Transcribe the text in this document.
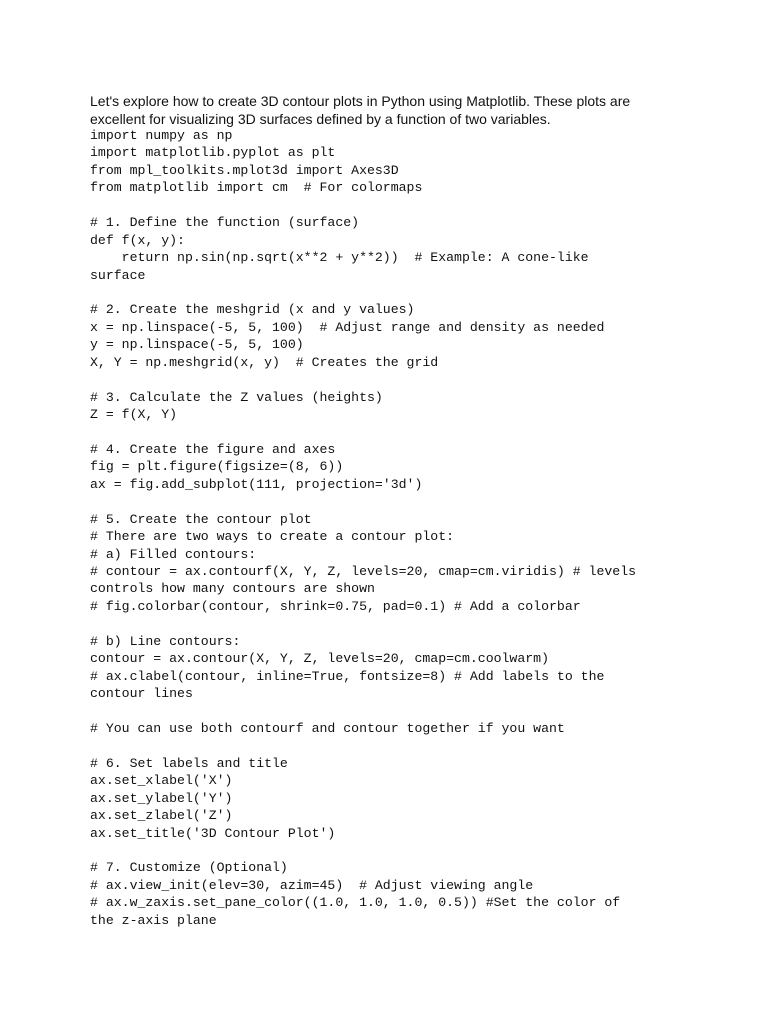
Let's explore how to create 3D contour plots in Python using Matplotlib. These plots are
excellent for visualizing 3D surfaces defined by a function of two variables.
import numpy as np
import matplotlib.pyplot as plt
from mpl_toolkits.mplot3d import Axes3D
from matplotlib import cm  # For colormaps
# 1. Define the function (surface)
def f(x, y):
return np.sin(np.sqrt(x**2 + y**2))  # Example: A cone-like
surface
# 2. Create the meshgrid (x and y values)
x = np.linspace(-5, 5, 100)  # Adjust range and density as needed
y = np.linspace(-5, 5, 100)
X, Y = np.meshgrid(x, y)  # Creates the grid
# 3. Calculate the Z values (heights)
Z = f(X, Y)
# 4. Create the figure and axes
fig = plt.figure(figsize=(8, 6))
ax = fig.add_subplot(111, projection='3d')
# 5. Create the contour plot
# There are two ways to create a contour plot:
# a) Filled contours:
# contour = ax.contourf(X, Y, Z, levels=20, cmap=cm.viridis) # levels
controls how many contours are shown
# fig.colorbar(contour, shrink=0.75, pad=0.1) # Add a colorbar
# b) Line contours:
contour = ax.contour(X, Y, Z, levels=20, cmap=cm.coolwarm)
# ax.clabel(contour, inline=True, fontsize=8) # Add labels to the
contour lines
# You can use both contourf and contour together if you want
# 6. Set labels and title
ax.set_xlabel('X')
ax.set_ylabel('Y')
ax.set_zlabel('Z')
ax.set_title('3D Contour Plot')
# 7. Customize (Optional)
# ax.view_init(elev=30, azim=45)  # Adjust viewing angle
# ax.w_zaxis.set_pane_color((1.0, 1.0, 1.0, 0.5)) #Set the color of
the z-axis plane
